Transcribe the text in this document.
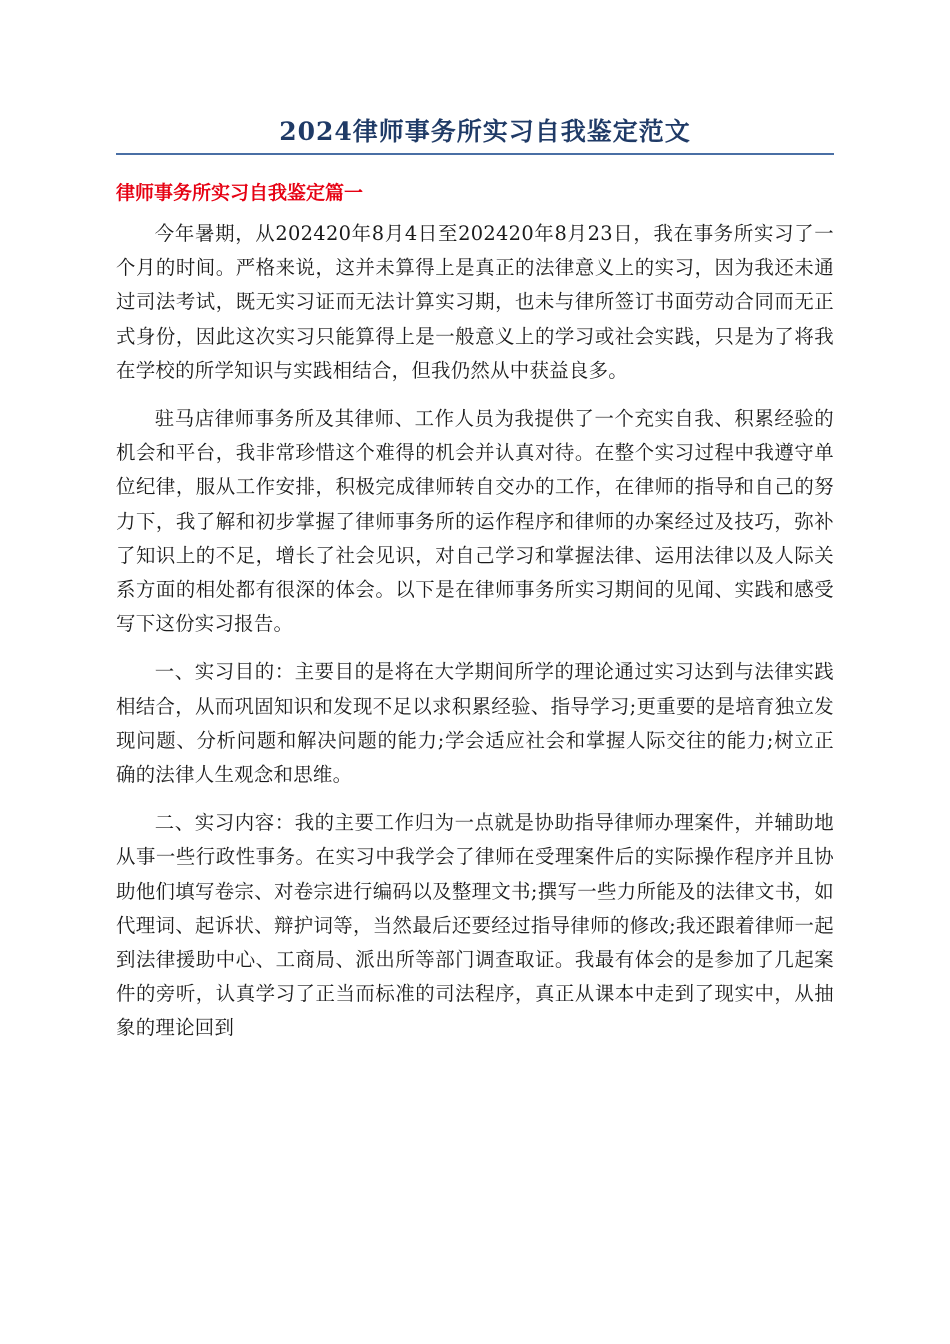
2024律师事务所实习自我鉴定范文
律师事务所实习自我鉴定篇一

今年暑期，从202420年8月4日至202420年8月23日，我在事务所实习了一个月的时间。严格来说，这并未算得上是真正的法律意义上的实习，因为我还未通过司法考试，既无实习证而无法计算实习期，也未与律所签订书面劳动合同而无正式身份，因此这次实习只能算得上是一般意义上的学习或社会实践，只是为了将我在学校的所学知识与实践相结合，但我仍然从中获益良多。

驻马店律师事务所及其律师、工作人员为我提供了一个充实自我、积累经验的机会和平台，我非常珍惜这个难得的机会并认真对待。在整个实习过程中我遵守单位纪律，服从工作安排，积极完成律师转自交办的工作，在律师的指导和自己的努力下，我了解和初步掌握了律师事务所的运作程序和律师的办案经过及技巧，弥补了知识上的不足，增长了社会见识，对自己学习和掌握法律、运用法律以及人际关系方面的相处都有很深的体会。以下是在律师事务所实习期间的见闻、实践和感受写下这份实习报告。

一、实习目的：主要目的是将在大学期间所学的理论通过实习达到与法律实践相结合，从而巩固知识和发现不足以求积累经验、指导学习;更重要的是培育独立发现问题、分析问题和解决问题的能力;学会适应社会和掌握人际交往的能力;树立正确的法律人生观念和思维。

二、实习内容：我的主要工作归为一点就是协助指导律师办理案件，并辅助地从事一些行政性事务。在实习中我学会了律师在受理案件后的实际操作程序并且协助他们填写卷宗、对卷宗进行编码以及整理文书;撰写一些力所能及的法律文书，如代理词、起诉状、辩护词等，当然最后还要经过指导律师的修改;我还跟着律师一起到法律援助中心、工商局、派出所等部门调查取证。我最有体会的是参加了几起案件的旁听，认真学习了正当而标准的司法程序，真正从课本中走到了现实中，从抽象的理论回到
